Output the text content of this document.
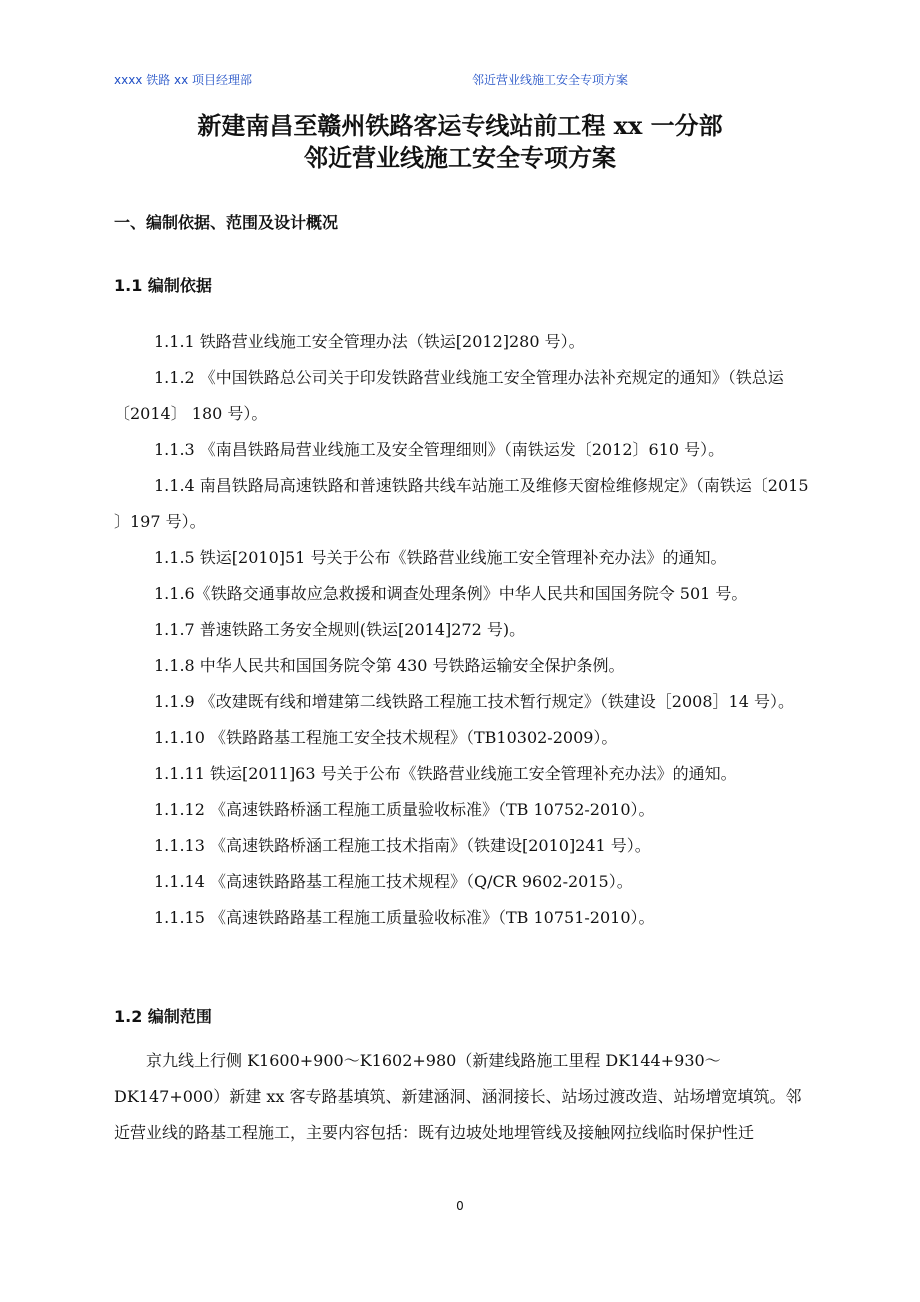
xxxx 铁路 xx 项目经理部	邻近营业线施工安全专项方案
新建南昌至赣州铁路客运专线站前工程 xx 一分部
邻近营业线施工安全专项方案
一、编制依据、范围及设计概况
1.1 编制依据

1.1.1 铁路营业线施工安全管理办法（铁运[2012]280 号）。

1.1.2 《中国铁路总公司关于印发铁路营业线施工安全管理办法补充规定的通知》（铁总运〔2014〕 180 号）。

1.1.3 《南昌铁路局营业线施工及安全管理细则》（南铁运发〔2012〕610 号）。

1.1.4 南昌铁路局高速铁路和普速铁路共线车站施工及维修天窗检维修规定》（南铁运〔2015 〕197 号）。

1.1.5 铁运[2010]51 号关于公布《铁路营业线施工安全管理补充办法》的通知。

1.1.6《铁路交通事故应急救援和调查处理条例》中华人民共和国国务院令 501 号。

1.1.7 普速铁路工务安全规则(铁运[2014]272 号)。

1.1.8 中华人民共和国国务院令第 430 号铁路运输安全保护条例。

1.1.9 《改建既有线和增建第二线铁路工程施工技术暂行规定》（铁建设［2008］14 号）。

1.1.10 《铁路路基工程施工安全技术规程》（TB10302-2009）。

1.1.11 铁运[2011]63 号关于公布《铁路营业线施工安全管理补充办法》的通知。

1.1.12 《高速铁路桥涵工程施工质量验收标准》（TB 10752-2010）。

1.1.13 《高速铁路桥涵工程施工技术指南》（铁建设[2010]241 号）。

1.1.14 《高速铁路路基工程施工技术规程》（Q/CR 9602-2015）。

1.1.15 《高速铁路路基工程施工质量验收标准》（TB 10751-2010）。

1.2 编制范围

京九线上行侧 K1600+900～K1602+980（新建线路施工里程 DK144+930～DK147+000）新建 xx 客专路基填筑、新建涵洞、涵洞接长、站场过渡改造、站场增宽填筑。邻近营业线的路基工程施工，主要内容包括：既有边坡处地埋管线及接触网拉线临时保护性迁

0
